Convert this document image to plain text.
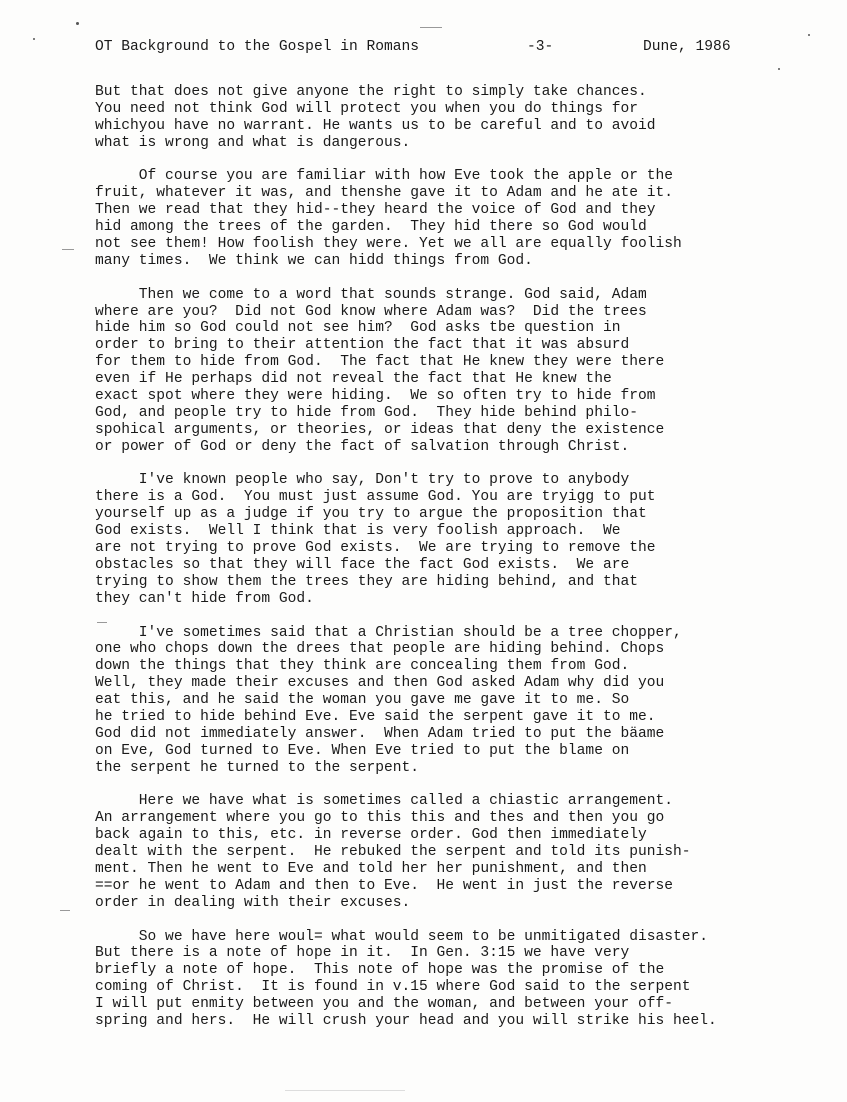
OT Background to the Gospel in Romans

	-3-

	Dune, 1986

But that does not give anyone the right to simply take chances.
You need not think God will protect you when you do things for
whichyou have no warrant. He wants us to be careful and to avoid
what is wrong and what is dangerous.
Of course you are familiar with how Eve took the apple or the
fruit, whatever it was, and thenshe gave it to Adam and he ate it.
Then we read that they hid--they heard the voice of God and they
hid among the trees of the garden.  They hid there so God would
not see them! How foolish they were. Yet we all are equally foolish
many times.  We think we can hidd things from God.
Then we come to a word that sounds strange. God said, Adam
where are you?  Did not God know where Adam was?  Did the trees
hide him so God could not see him?  God asks tbe question in
order to bring to their attention the fact that it was absurd
for them to hide from God.  The fact that He knew they were there
even if He perhaps did not reveal the fact that He knew the
exact spot where they were hiding.  We so often try to hide from
God, and people try to hide from God.  They hide behind philo-
spohical arguments, or theories, or ideas that deny the existence
or power of God or deny the fact of salvation through Christ.
I've known people who say, Don't try to prove to anybody
there is a God.  You must just assume God. You are tryigg to put
yourself up as a judge if you try to argue the proposition that
God exists.  Well I think that is very foolish approach.  We
are not trying to prove God exists.  We are trying to remove the
obstacles so that they will face the fact God exists.  We are
trying to show them the trees they are hiding behind, and that
they can't hide from God.
I've sometimes said that a Christian should be a tree chopper,
one who chops down the drees that people are hiding behind. Chops
down the things that they think are concealing them from God.
Well, they made their excuses and then God asked Adam why did you
eat this, and he said the woman you gave me gave it to me. So
he tried to hide behind Eve. Eve said the serpent gave it to me.
God did not immediately answer.  When Adam tried to put the bäame
on Eve, God turned to Eve. When Eve tried to put the blame on
the serpent he turned to the serpent.
Here we have what is sometimes called a chiastic arrangement.
An arrangement where you go to this this and thes and then you go
back again to this, etc. in reverse order. God then immediately
dealt with the serpent.  He rebuked the serpent and told its punish-
ment. Then he went to Eve and told her her punishment, and then
==or he went to Adam and then to Eve.  He went in just the reverse
order in dealing with their excuses.
So we have here woul= what would seem to be unmitigated disaster.
But there is a note of hope in it.  In Gen. 3:15 we have very
briefly a note of hope.  This note of hope was the promise of the
coming of Christ.  It is found in v.15 where God said to the serpent
I will put enmity between you and the woman, and between your off-
spring and hers.  He will crush your head and you will strike his heel.
